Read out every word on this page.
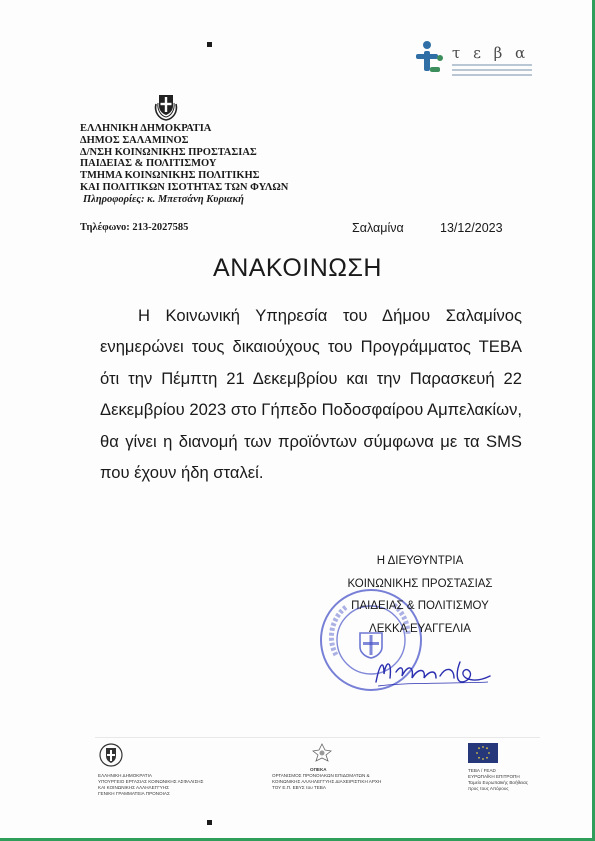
τ ε β α
ΕΛΛΗΝΙΚΗ ΔΗΜΟΚΡΑΤΙΑ
ΔΗΜΟΣ ΣΑΛΑΜΙΝΟΣ
Δ/ΝΣΗ ΚΟΙΝΩΝΙΚΗΣ ΠΡΟΣΤΑΣΙΑΣ
ΠΑΙΔΕΙΑΣ & ΠΟΛΙΤΙΣΜΟΥ
ΤΜΗΜΑ ΚΟΙΝΩΝΙΚΗΣ ΠΟΛΙΤΙΚΗΣ
ΚΑΙ ΠΟΛΙΤΙΚΩΝ ΙΣΟΤΗΤΑΣ ΤΩΝ ΦΥΛΩΝ
Πληροφορίες: κ. Μπετσάνη Κυριακή
Τηλέφωνο: 213-2027585	Σαλαμίνα	13/12/2023
ΑΝΑΚΟΙΝΩΣΗ

Η Κοινωνική Υπηρεσία του Δήμου Σαλαμίνος ενημερώνει τους δικαιούχους του Προγράμματος ΤΕΒΑ ότι την Πέμπτη 21 Δεκεμβρίου και την Παρασκευή 22 Δεκεμβρίου 2023 στο Γήπεδο Ποδοσφαίρου Αμπελακίων, θα γίνει η διανομή των προϊόντων σύμφωνα με τα SMS που έχουν ήδη σταλεί.

Η ΔΙΕΥΘΥΝΤΡΙΑ
ΚΟΙΝΩΝΙΚΗΣ ΠΡΟΣΤΑΣΙΑΣ
ΠΑΙΔΕΙΑΣ & ΠΟΛΙΤΙΣΜΟΥ
ΛΕΚΚΑ ΕΥΑΓΓΕΛΙΑ
ΕΛΛΗΝΙΚΗ ΔΗΜΟΚΡΑΤΙΑ
ΥΠΟΥΡΓΕΙΟ ΕΡΓΑΣΙΑΣ ΚΟΙΝΩΝΙΚΗΣ ΑΣΦΑΛΙΣΗΣ
ΚΑΙ ΚΟΙΝΩΝΙΚΗΣ ΑΛΛΗΛΕΓΓΥΗΣ
ΓΕΝΙΚΗ ΓΡΑΜΜΑΤΕΙΑ ΠΡΟΝΟΙΑΣ
ΟΠΕΚΑ
ΟΡΓΑΝΙΣΜΟΣ ΠΡΟΝΟΙΑΚΩΝ ΕΠΙΔΟΜΑΤΩΝ &
ΚΟΙΝΩΝΙΚΗΣ ΑΛΛΗΛΕΓΓΥΗΣ ΔΙΑΧΕΙΡΙΣΤΙΚΗ ΑΡΧΗ
ΤΟΥ Ε.Π. ΕΒΥΣ του ΤΕΒΑ
ΤΕΒΑ / FEAD
ΕΥΡΩΠΑΪΚΗ ΕΠΙΤΡΟΠΗ
Ταμείο Ευρωπαϊκής Βοήθειας
προς τους Απόρους
